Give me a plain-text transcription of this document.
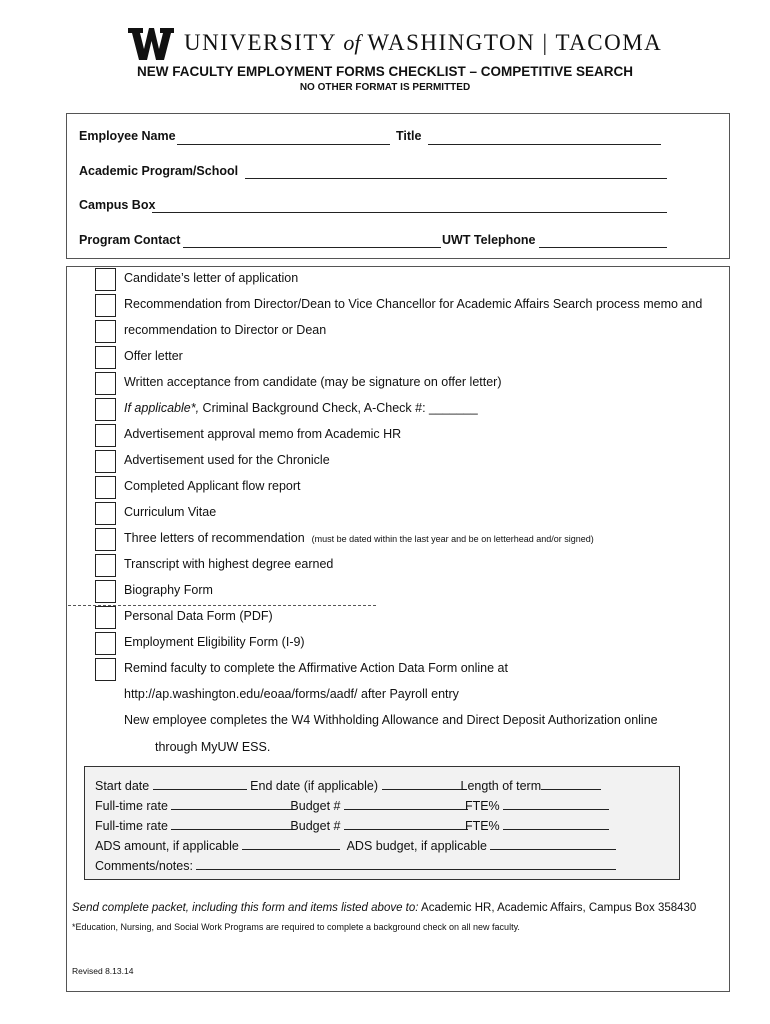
UNIVERSITY of WASHINGTON | TACOMA
NEW FACULTY EMPLOYMENT FORMS CHECKLIST – COMPETITIVE SEARCH
NO OTHER FORMAT IS PERMITTED
Employee Name	Title
Academic Program/School
Campus Box
Program Contact	UWT Telephone
Candidate’s letter of application
Recommendation from Director/Dean to Vice Chancellor for Academic Affairs Search process memo and
recommendation to Director or Dean
Offer letter
Written acceptance from candidate (may be signature on offer letter)
If applicable*, Criminal Background Check, A-Check #: _______
Advertisement approval memo from Academic HR
Advertisement used for the Chronicle
Completed Applicant flow report
Curriculum Vitae
Three letters of recommendation (must be dated within the last year and be on letterhead and/or signed)
Transcript with highest degree earned
Biography Form
Personal Data Form (PDF)
Employment Eligibility Form (I-9)
Remind faculty to complete the Affirmative Action Data Form online at
http://ap.washington.edu/eoaa/forms/aadf/ after Payroll entry
New employee completes the W4 Withholding Allowance and Direct Deposit Authorization online
through MyUW ESS.
Start date	End date (if applicable)	Length of term
Full-time rate	Budget #	FTE%
Full-time rate	Budget #	FTE%
ADS amount, if applicable	ADS budget, if applicable
Comments/notes:
Send complete packet, including this form and items listed above to: Academic HR, Academic Affairs, Campus Box 358430
*Education, Nursing, and Social Work Programs are required to complete a background check on all new faculty.
Revised 8.13.14
